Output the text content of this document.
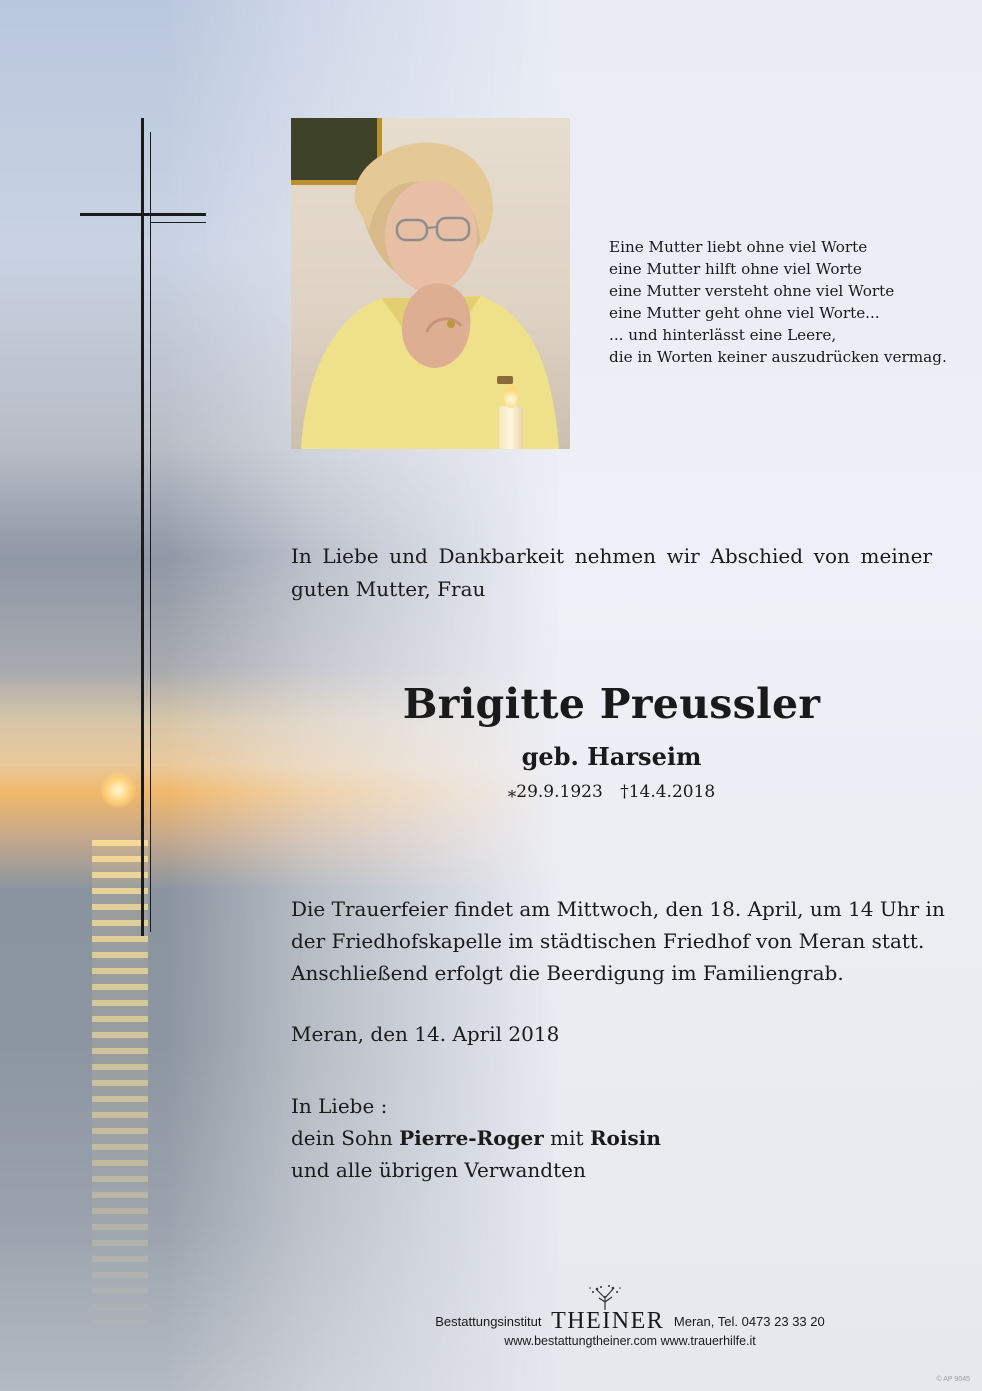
Eine Mutter liebt ohne viel Worte
eine Mutter hilft ohne viel Worte
eine Mutter versteht ohne viel Worte
eine Mutter geht ohne viel Worte...
... und hinterlässt eine Leere,
die in Worten keiner auszudrücken vermag.
In Liebe und Dankbarkeit nehmen wir Abschied von meiner guten Mutter, Frau
Brigitte Preussler
geb. Harseim
⁎29.9.1923 †14.4.2018
Die Trauerfeier findet am Mittwoch, den 18. April, um 14 Uhr in
der Friedhofskapelle im städtischen Friedhof von Meran statt.
Anschließend erfolgt die Beerdigung im Familiengrab.
Meran, den 14. April 2018
In Liebe :
dein Sohn Pierre-Roger mit Roisin
und alle übrigen Verwandten
Bestattungsinstitut THEINER Meran, Tel. 0473 23 33 20
www.bestattungtheiner.com www.trauerhilfe.it
© AP 9045
